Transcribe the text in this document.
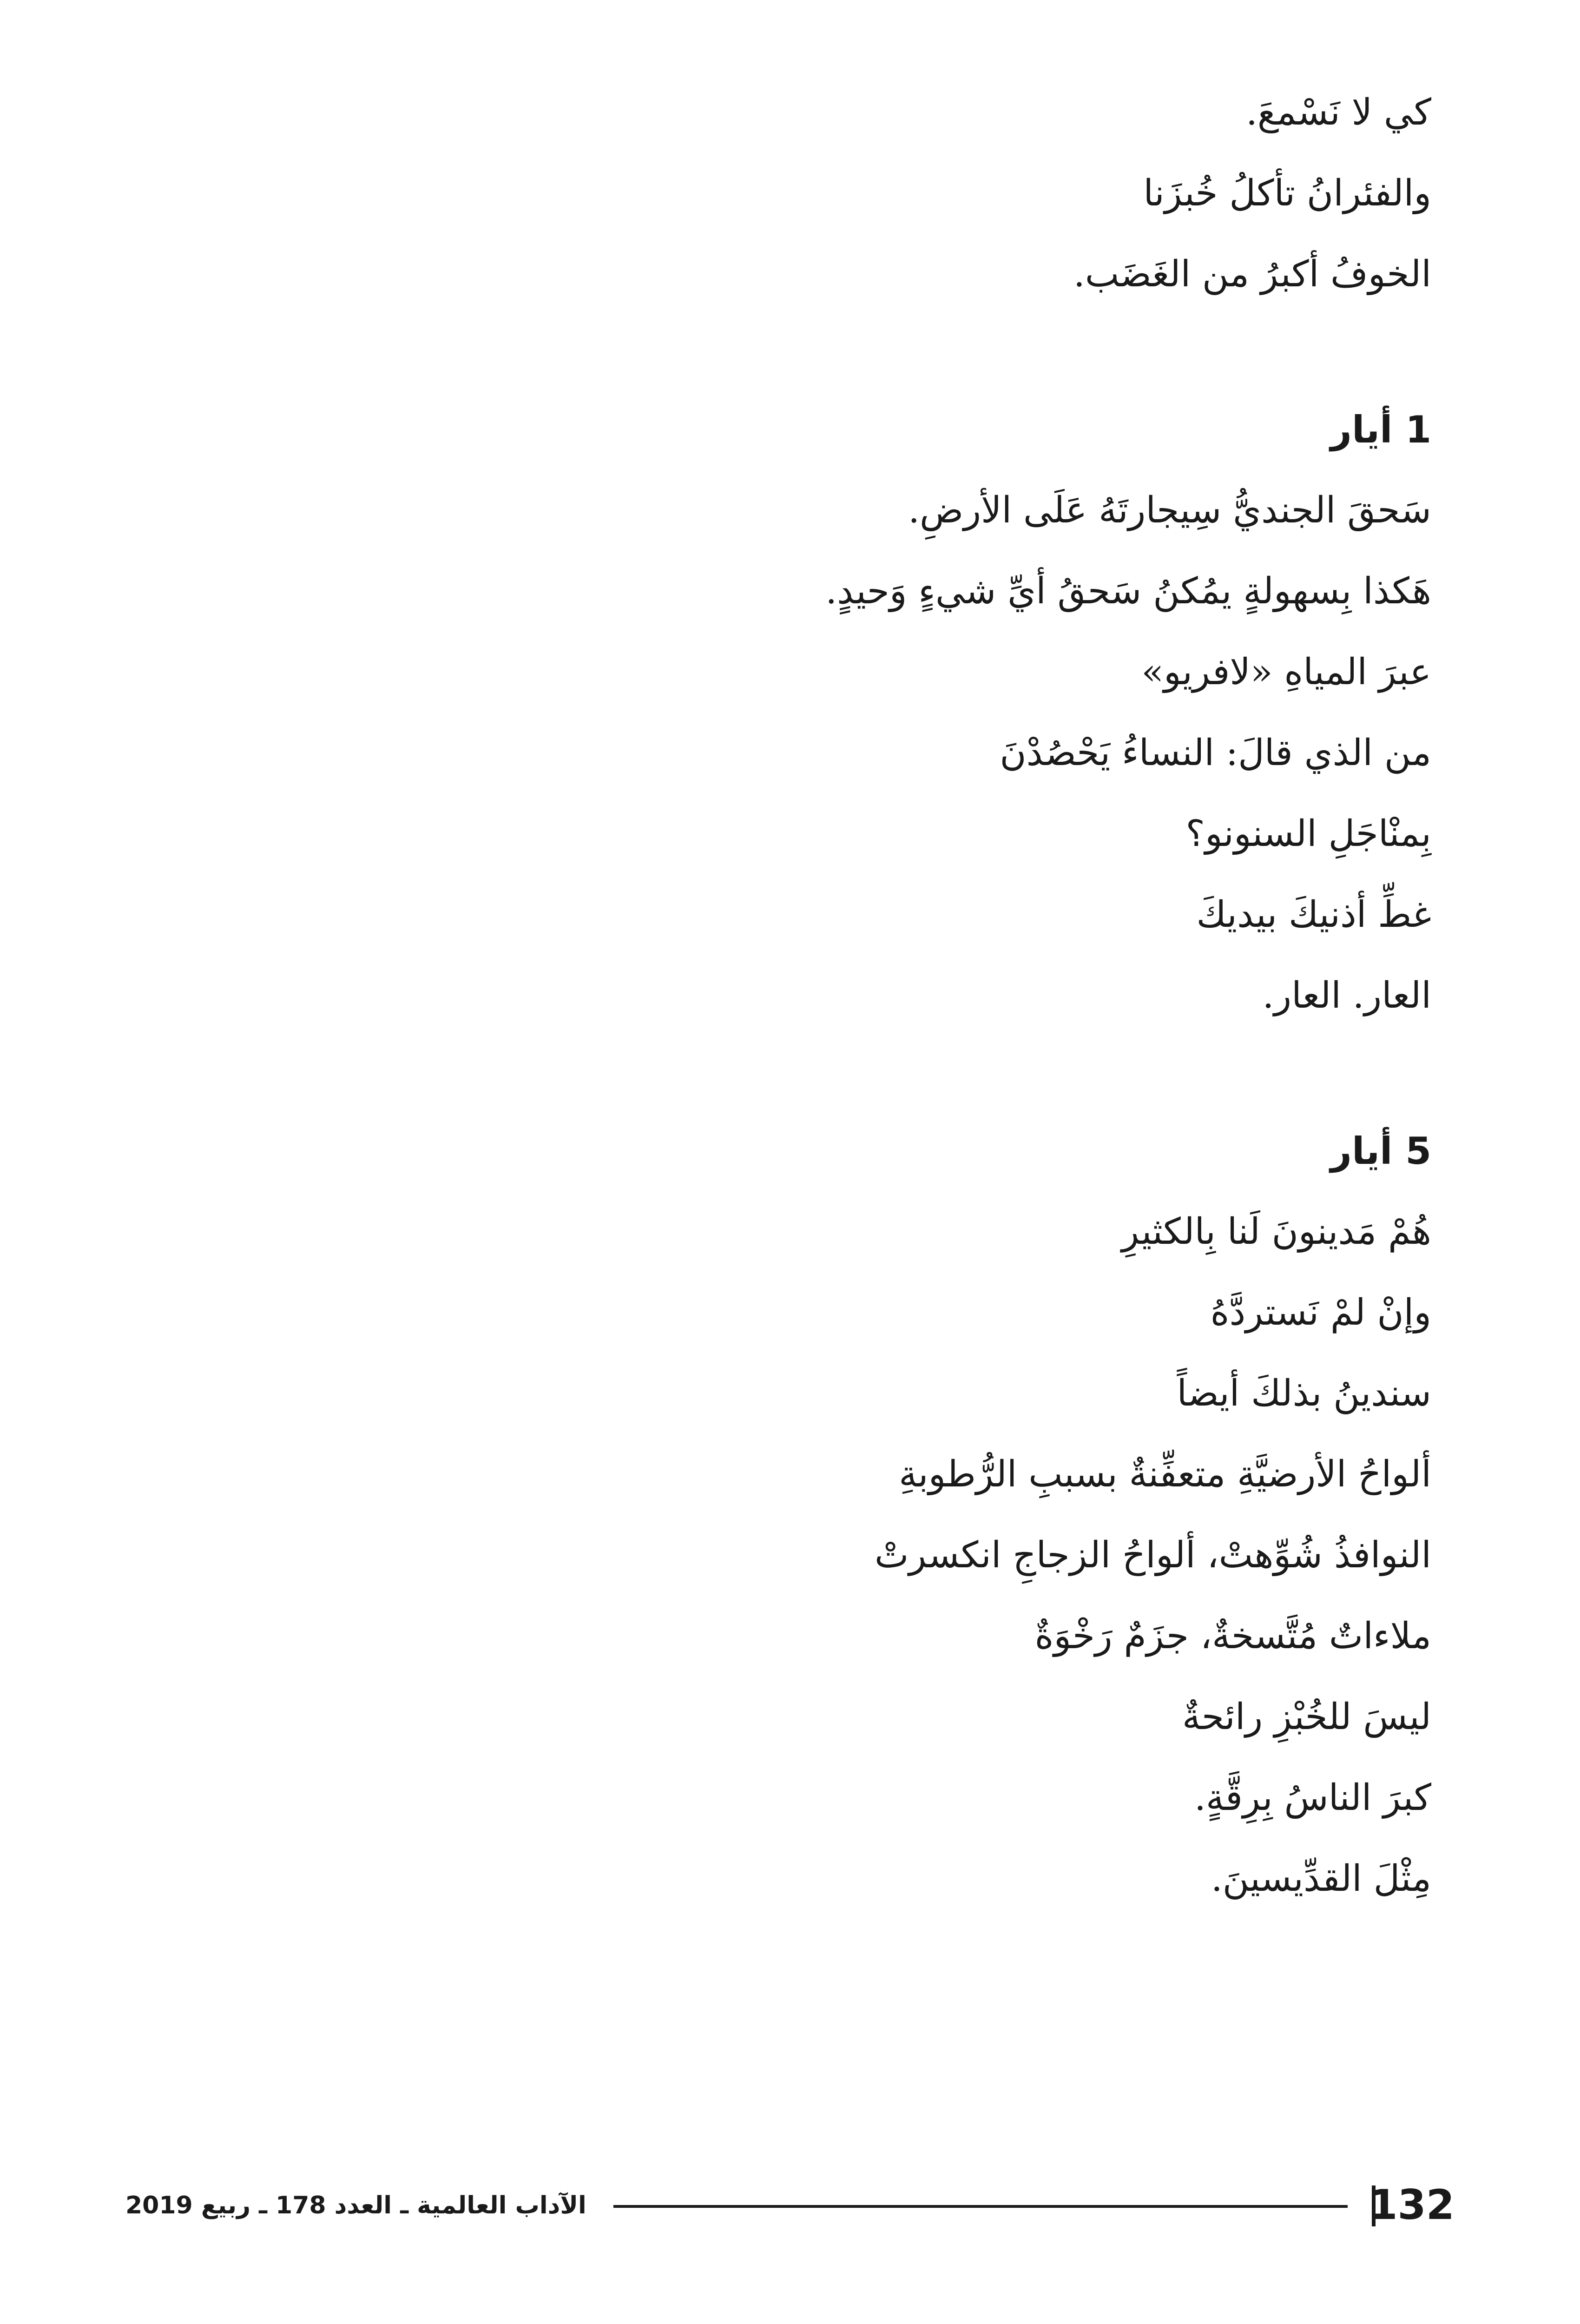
كي لا نَسْمعَ.
والفئرانُ تأكلُ خُبزَنا
الخوفُ أكبرُ من الغَضَب.
1 أيار
سَحقَ الجنديُّ سِيجارتَهُ عَلَى الأرضِ.
هَكذا بِسهولةٍ يمُكنُ سَحقُ أيِّ شيءٍ وَحيدٍ.
عبرَ المياهِ «لافريو»
من الذي قالَ: النساءُ يَحْصُدْنَ
بِمنْاجَلِ السنونو؟
غطِّ أذنيكَ بيديكَ
العار. العار.
5 أيار
هُمْ مَدينونَ لَنا بِالكثيرِ
وإنْ لمْ نَستردَّهُ
سندينُ بذلكَ أيضاً
ألواحُ الأرضيَّةِ متعفِّنةٌ بسببِ الرُّطوبةِ
النوافذُ شُوِّهتْ، ألواحُ الزجاجِ انكسرتْ
ملاءاتٌ مُتَّسخةٌ، جزَمٌ رَخْوَةٌ
ليسَ للخُبْزِ رائحةٌ
كبرَ الناسُ بِرِقَّةٍ.
مِثْلَ القدِّيسينَ.
الآداب العالمية ـ العدد 178 ـ ربيع 2019	132
